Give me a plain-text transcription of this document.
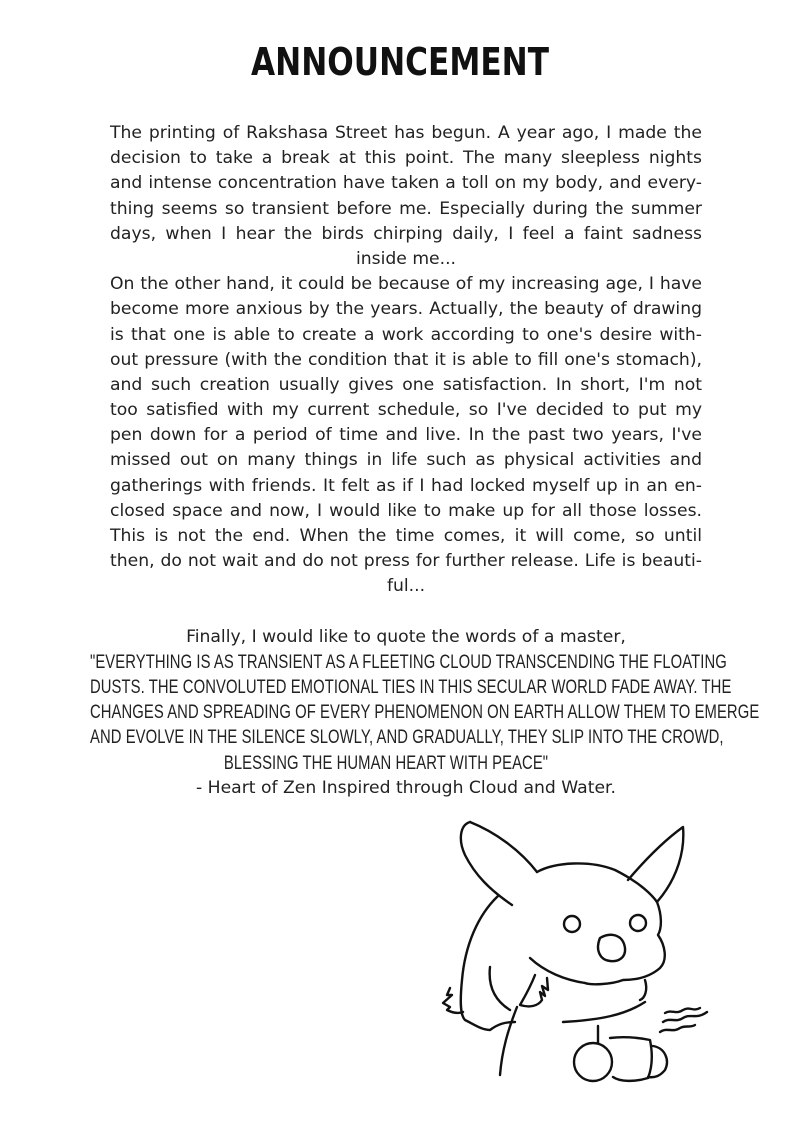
ANNOUNCEMENT
The printing of Rakshasa Street has begun. A year ago, I made the
decision to take a break at this point. The many sleepless nights
and intense concentration have taken a toll on my body, and every-
thing seems so transient before me. Especially during the summer
days, when I hear the birds chirping daily, I feel a faint sadness
inside me...
On the other hand, it could be because of my increasing age, I have
become more anxious by the years. Actually, the beauty of drawing
is that one is able to create a work according to one's desire with-
out pressure (with the condition that it is able to fill one's stomach),
and such creation usually gives one satisfaction. In short, I'm not
too satisfied with my current schedule, so I've decided to put my
pen down for a period of time and live. In the past two years, I've
missed out on many things in life such as physical activities and
gatherings with friends. It felt as if I had locked myself up in an en-
closed space and now, I would like to make up for all those losses.
This is not the end. When the time comes, it will come, so until
then, do not wait and do not press for further release. Life is beauti-
ful...
Finally, I would like to quote the words of a master,
"EVERYTHING IS AS TRANSIENT AS A FLEETING CLOUD TRANSCENDING THE FLOATING
DUSTS. THE CONVOLUTED EMOTIONAL TIES IN THIS SECULAR WORLD FADE AWAY. THE
CHANGES AND SPREADING OF EVERY PHENOMENON ON EARTH ALLOW THEM TO EMERGE
AND EVOLVE IN THE SILENCE SLOWLY, AND GRADUALLY, THEY SLIP INTO THE CROWD,
BLESSING THE HUMAN HEART WITH PEACE"
- Heart of Zen Inspired through Cloud and Water.
